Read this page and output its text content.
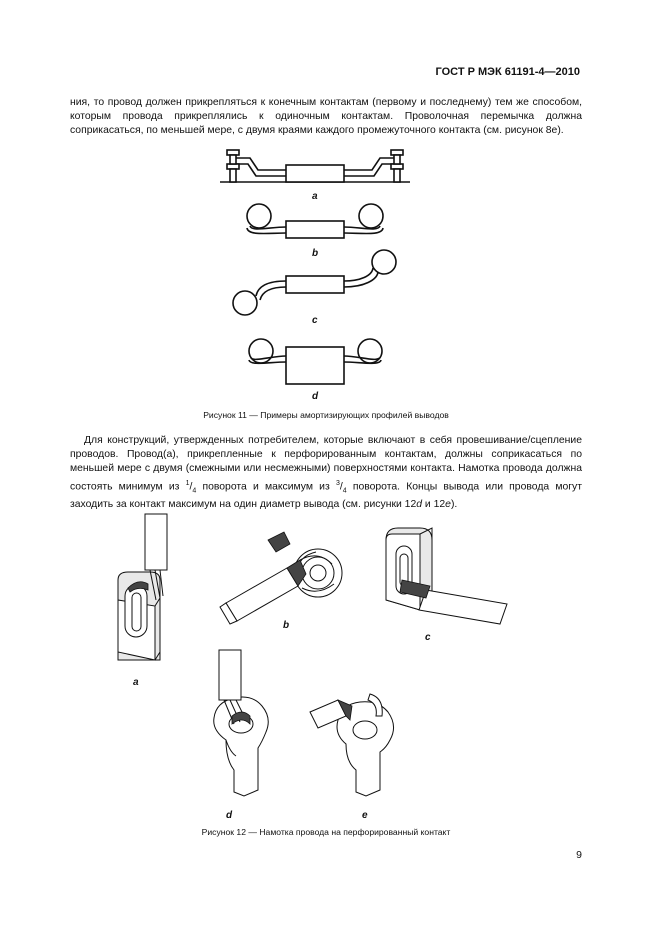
ГОСТ Р МЭК 61191-4—2010
ния, то провод должен прикрепляться к конечным контактам (первому и последнему) тем же способом, которым провода прикреплялись к одиночным контактам. Проволочная перемычка должна соприкасаться, по меньшей мере, с двумя краями каждого промежуточного контакта (см. рисунок 8е).
a
b
c
d
a
b
c
d	e
Рисунок 11 — Примеры амортизирующих профилей выводов
Для конструкций, утвержденных потребителем, которые включают в себя провешивание/сцепление проводов. Провод(а), прикрепленные к перфорированным контактам, должны соприкасаться по меньшей мере с двумя (смежными или несмежными) поверхностями контакта. Намотка провода должна состоять минимум из $^1/_4$ поворота и максимум из $^3/_4$ поворота. Концы вывода или провода могут заходить за контакт максимум на один диаметр вывода (см. рисунки 12d и 12e).
Рисунок 12 — Намотка провода на перфорированный контакт
9
